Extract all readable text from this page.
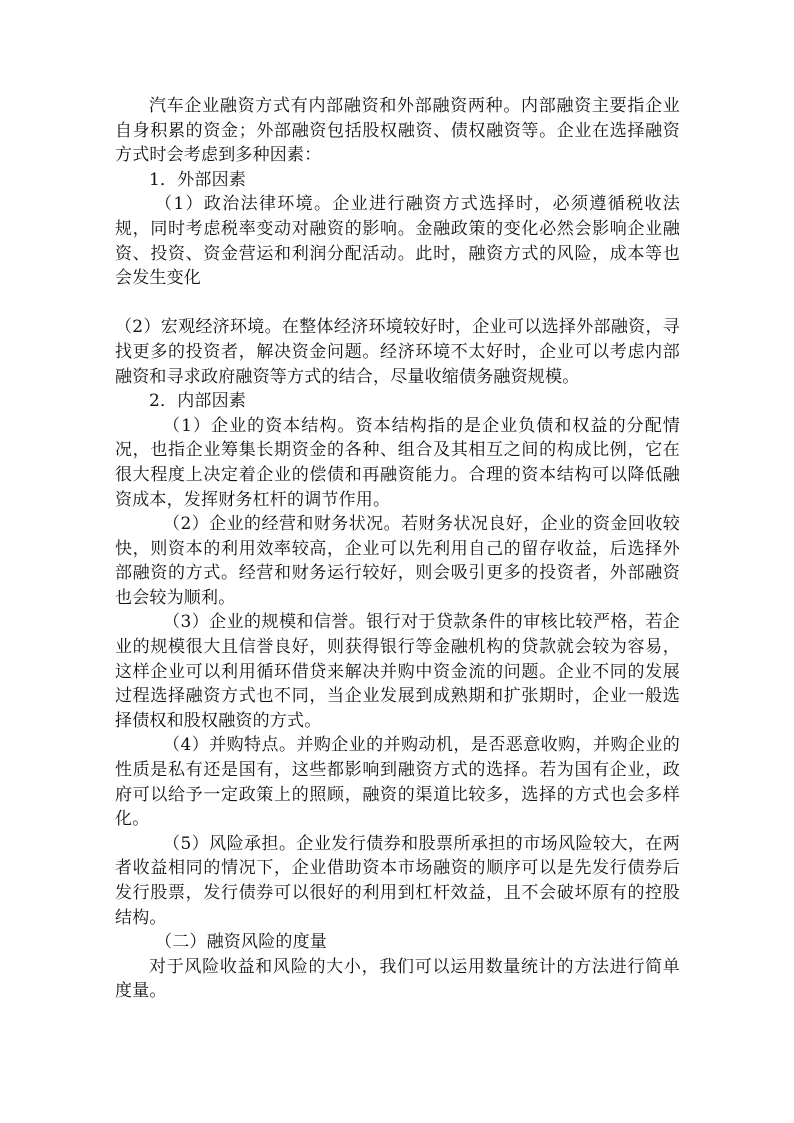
汽车企业融资方式有内部融资和外部融资两种。内部融资主要指企业自身积累的资金；外部融资包括股权融资、债权融资等。企业在选择融资方式时会考虑到多种因素：

1．外部因素

（1）政治法律环境。企业进行融资方式选择时，必须遵循税收法规，同时考虑税率变动对融资的影响。金融政策的变化必然会影响企业融资、投资、资金营运和利润分配活动。此时，融资方式的风险，成本等也会发生变化

（2）宏观经济环境。在整体经济环境较好时，企业可以选择外部融资，寻找更多的投资者，解决资金问题。经济环境不太好时，企业可以考虑内部融资和寻求政府融资等方式的结合，尽量收缩债务融资规模。

2．内部因素

（1）企业的资本结构。资本结构指的是企业负债和权益的分配情况，也指企业筹集长期资金的各种、组合及其相互之间的构成比例，它在很大程度上决定着企业的偿债和再融资能力。合理的资本结构可以降低融资成本，发挥财务杠杆的调节作用。

（2）企业的经营和财务状况。若财务状况良好，企业的资金回收较快，则资本的利用效率较高，企业可以先利用自己的留存收益，后选择外部融资的方式。经营和财务运行较好，则会吸引更多的投资者，外部融资也会较为顺利。

（3）企业的规模和信誉。银行对于贷款条件的审核比较严格，若企业的规模很大且信誉良好，则获得银行等金融机构的贷款就会较为容易，这样企业可以利用循环借贷来解决并购中资金流的问题。企业不同的发展过程选择融资方式也不同，当企业发展到成熟期和扩张期时，企业一般选择债权和股权融资的方式。

（4）并购特点。并购企业的并购动机，是否恶意收购，并购企业的性质是私有还是国有，这些都影响到融资方式的选择。若为国有企业，政府可以给予一定政策上的照顾，融资的渠道比较多，选择的方式也会多样化。

（5）风险承担。企业发行债券和股票所承担的市场风险较大，在两者收益相同的情况下，企业借助资本市场融资的顺序可以是先发行债券后发行股票，发行债券可以很好的利用到杠杆效益，且不会破坏原有的控股结构。

（二）融资风险的度量

对于风险收益和风险的大小，我们可以运用数量统计的方法进行简单度量。
